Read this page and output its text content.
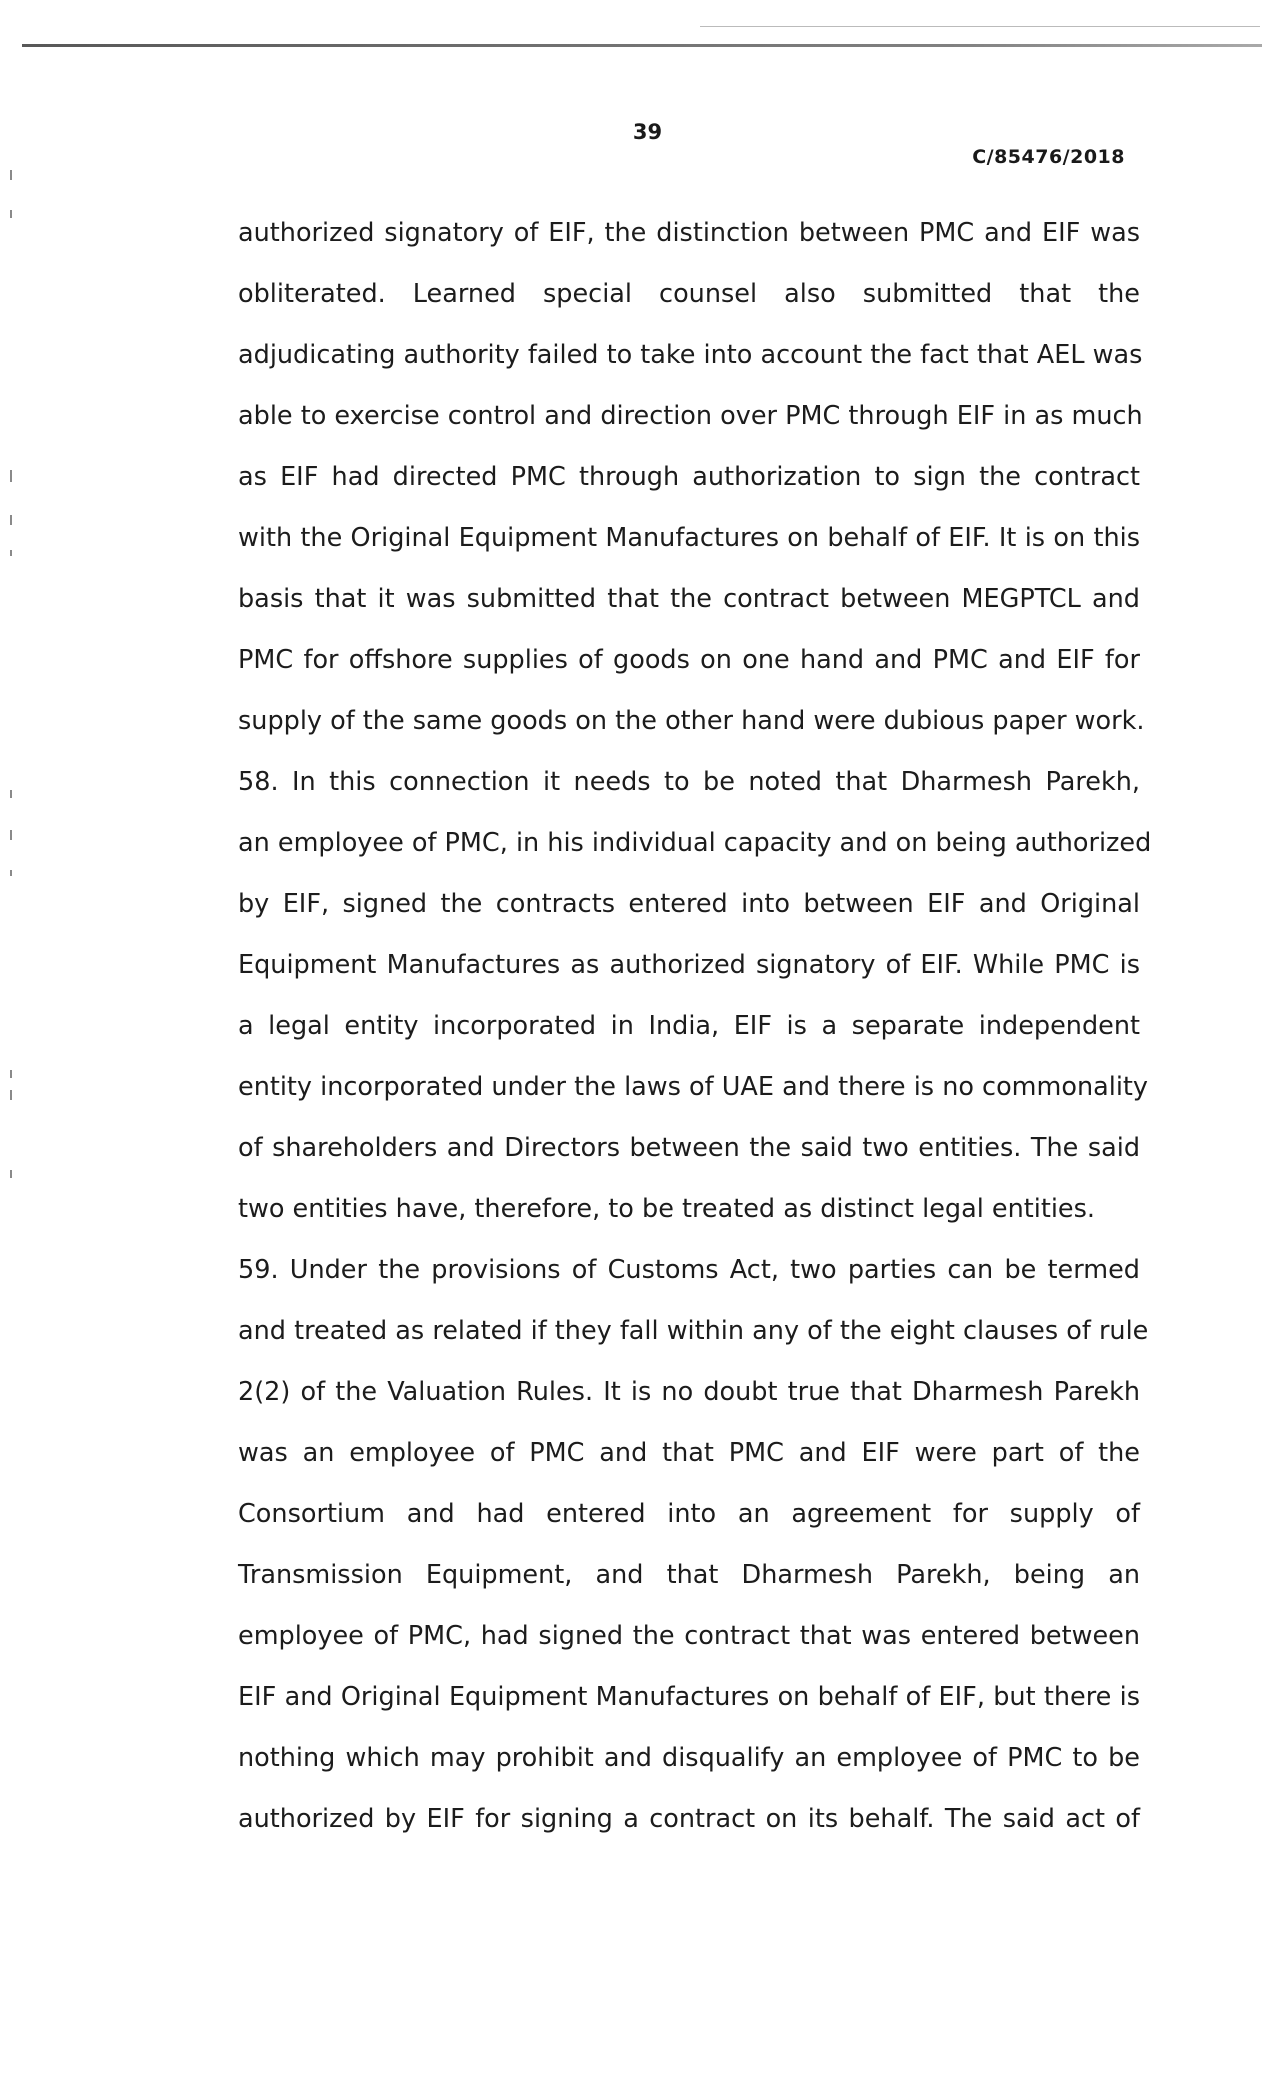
39
C/85476/2018
authorized signatory of EIF, the distinction between PMC and EIF was
obliterated. Learned special counsel also submitted that the
adjudicating authority failed to take into account the fact that AEL was
able to exercise control and direction over PMC through EIF in as much
as EIF had directed PMC through authorization to sign the contract
with the Original Equipment Manufactures on behalf of EIF. It is on this
basis that it was submitted that the contract between MEGPTCL and
PMC for offshore supplies of goods on one hand and PMC and EIF for
supply of the same goods on the other hand were dubious paper work.
58. In this connection it needs to be noted that Dharmesh Parekh,
an employee of PMC, in his individual capacity and on being authorized
by EIF, signed the contracts entered into between EIF and Original
Equipment Manufactures as authorized signatory of EIF. While PMC is
a legal entity incorporated in India, EIF is a separate independent
entity incorporated under the laws of UAE and there is no commonality
of shareholders and Directors between the said two entities. The said
two entities have, therefore, to be treated as distinct legal entities.
59. Under the provisions of Customs Act, two parties can be termed
and treated as related if they fall within any of the eight clauses of rule
2(2) of the Valuation Rules. It is no doubt true that Dharmesh Parekh
was an employee of PMC and that PMC and EIF were part of the
Consortium and had entered into an agreement for supply of
Transmission Equipment, and that Dharmesh Parekh, being an
employee of PMC, had signed the contract that was entered between
EIF and Original Equipment Manufactures on behalf of EIF, but there is
nothing which may prohibit and disqualify an employee of PMC to be
authorized by EIF for signing a contract on its behalf. The said act of
